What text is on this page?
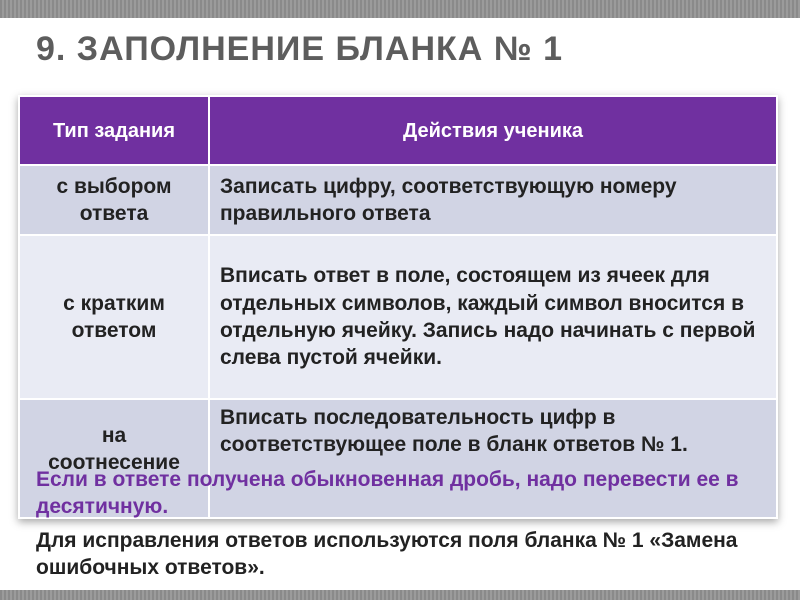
9. ЗАПОЛНЕНИЕ БЛАНКА № 1
Тип задания	Действия ученика
с выбором
ответа	Записать цифру, соответствующую номеру правильного ответа
с кратким
ответом	Вписать ответ в поле, состоящем из ячеек для отдельных символов, каждый символ вносится в отдельную ячейку. Запись надо начинать с первой слева пустой ячейки.
на
соотнесение	Вписать последовательность цифр в соответствующее поле в бланк ответов № 1.
Если в ответе получена обыкновенная дробь, надо перевести ее в десятичную.
Для исправления ответов используются поля бланка № 1 «Замена ошибочных ответов».
